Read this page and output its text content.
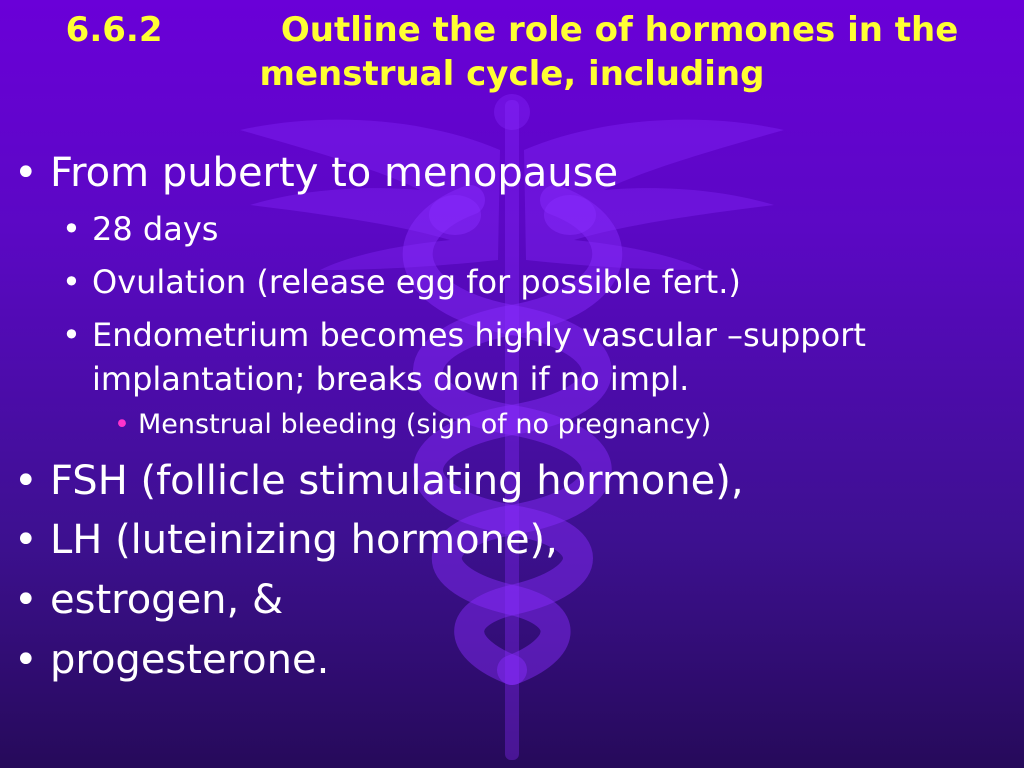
6.6.2          Outline the role of hormones in the
menstrual cycle, including
• From puberty to menopause
• 28 days
• Ovulation (release egg for possible fert.)
• Endometrium becomes highly vascular –support implantation; breaks down if no impl.
• Menstrual bleeding (sign of no pregnancy)
• FSH (follicle stimulating hormone),
• LH (luteinizing hormone),
• estrogen, &
• progesterone.
